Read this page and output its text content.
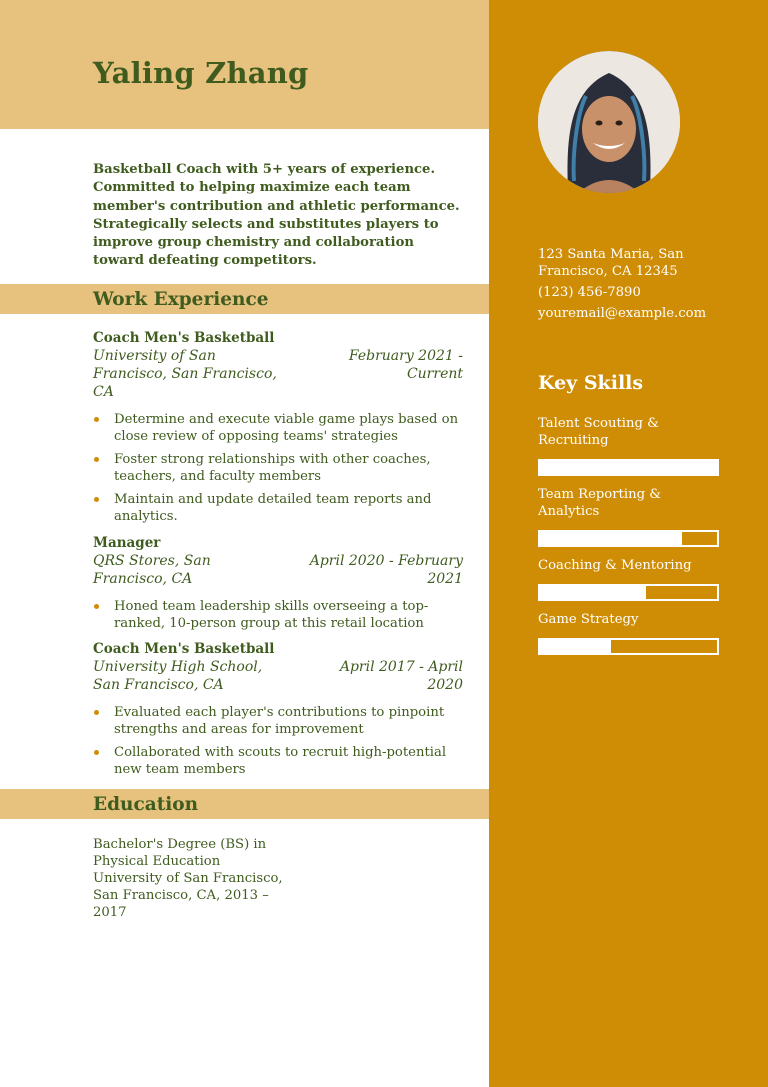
Yaling Zhang

Basketball Coach with 5+ years of experience. Committed to helping maximize each team member's contribution and athletic performance. Strategically selects and substitutes players to improve group chemistry and collaboration toward defeating competitors.

Work Experience

Coach Men's Basketball

University of San Francisco, San Francisco, CA
February 2021 - Current
Determine and execute viable game plays based on close review of opposing teams' strategies
Foster strong relationships with other coaches, teachers, and faculty members
Maintain and update detailed team reports and analytics.

Manager

QRS Stores, San Francisco, CA
April 2020 - February 2021
Honed team leadership skills overseeing a top-ranked, 10-person group at this retail location

Coach Men's Basketball

University High School, San Francisco, CA
April 2017 - April 2020
Evaluated each player's contributions to pinpoint strengths and areas for improvement
Collaborated with scouts to recruit high-potential new team members
Education

Bachelor's Degree (BS) in Physical Education University of San Francisco, San Francisco, CA, 2013 – 2017

123 Santa Maria, San Francisco, CA 12345
(123) 456-7890
youremail@example.com
Key Skills
Talent Scouting & Recruiting
Team Reporting & Analytics
Coaching & Mentoring
Game Strategy
